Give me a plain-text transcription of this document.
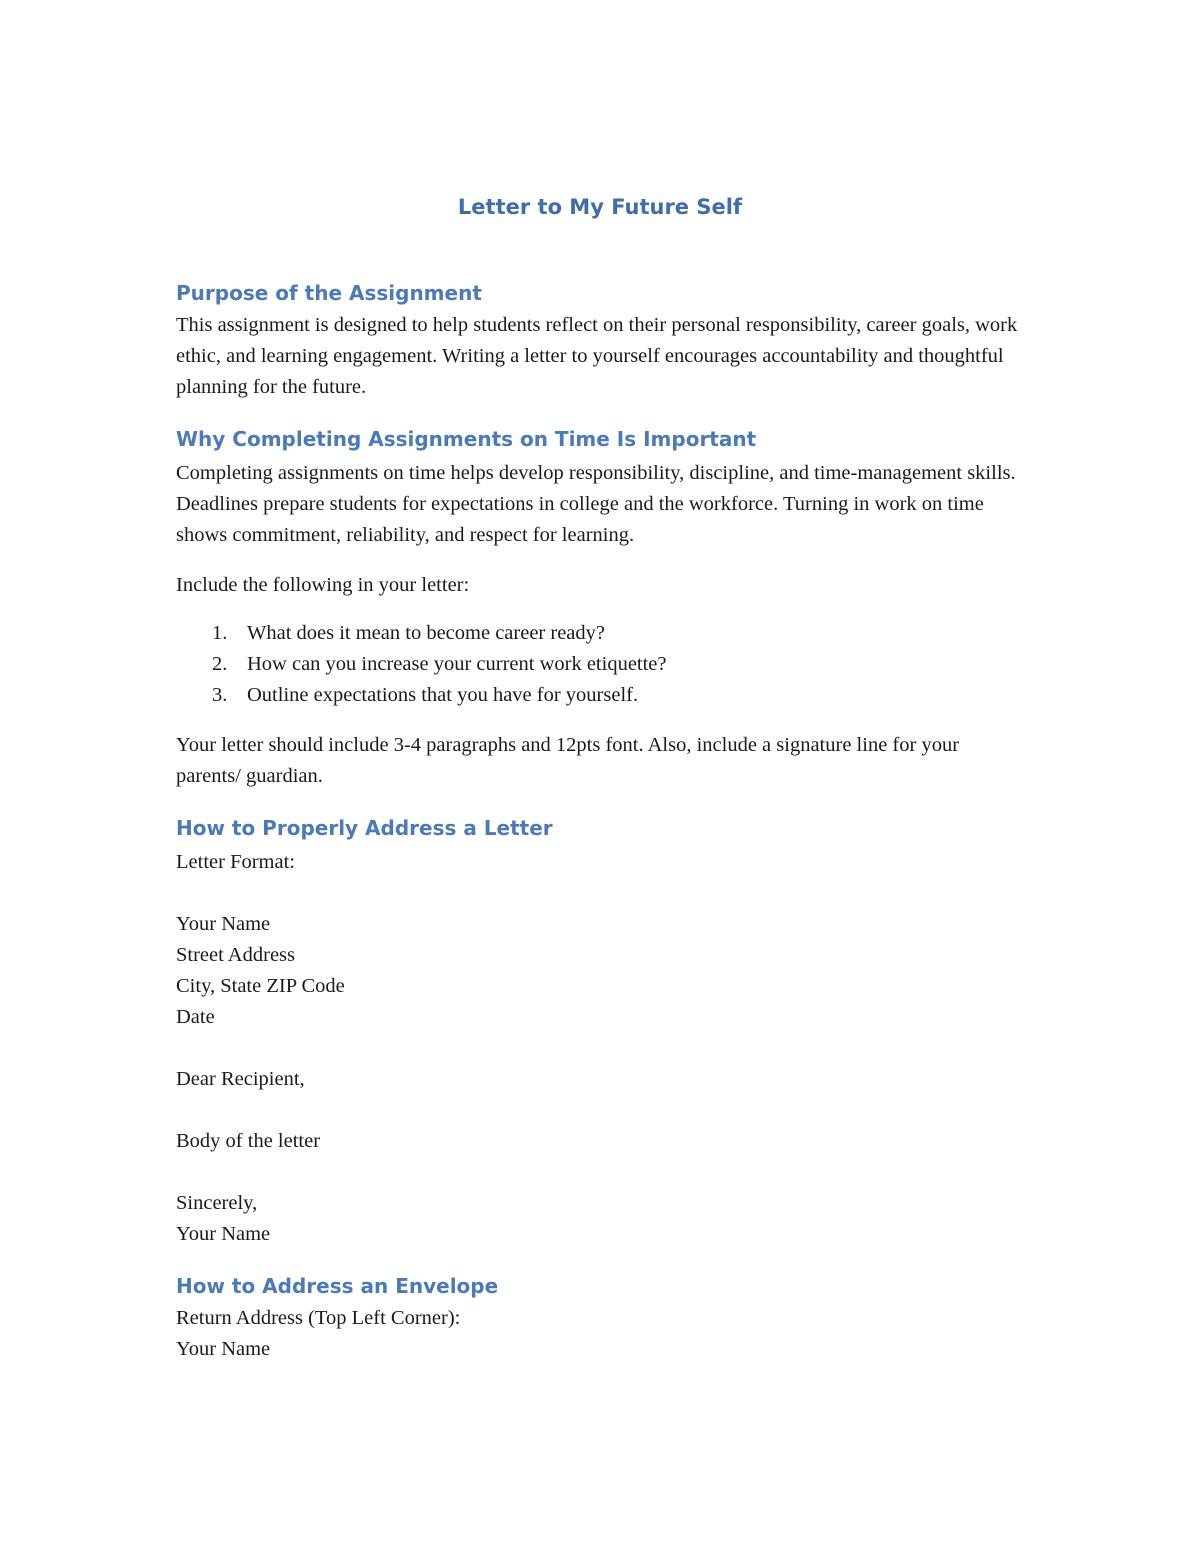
Letter to My Future Self
Purpose of the Assignment

This assignment is designed to help students reflect on their personal responsibility, career goals, work ethic, and learning engagement. Writing a letter to yourself encourages accountability and thoughtful planning for the future.

Why Completing Assignments on Time Is Important

Completing assignments on time helps develop responsibility, discipline, and time-management skills. Deadlines prepare students for expectations in college and the workforce. Turning in work on time shows commitment, reliability, and respect for learning.

Include the following in your letter:

1. What does it mean to become career ready?
2. How can you increase your current work etiquette?
3. Outline expectations that you have for yourself.

Your letter should include 3-4 paragraphs and 12pts font. Also, include a signature line for your parents/ guardian.

How to Properly Address a Letter

Letter Format:

Your Name

Street Address

City, State ZIP Code

Date

Dear Recipient,

Body of the letter

Sincerely,

Your Name

How to Address an Envelope

Return Address (Top Left Corner):

Your Name
